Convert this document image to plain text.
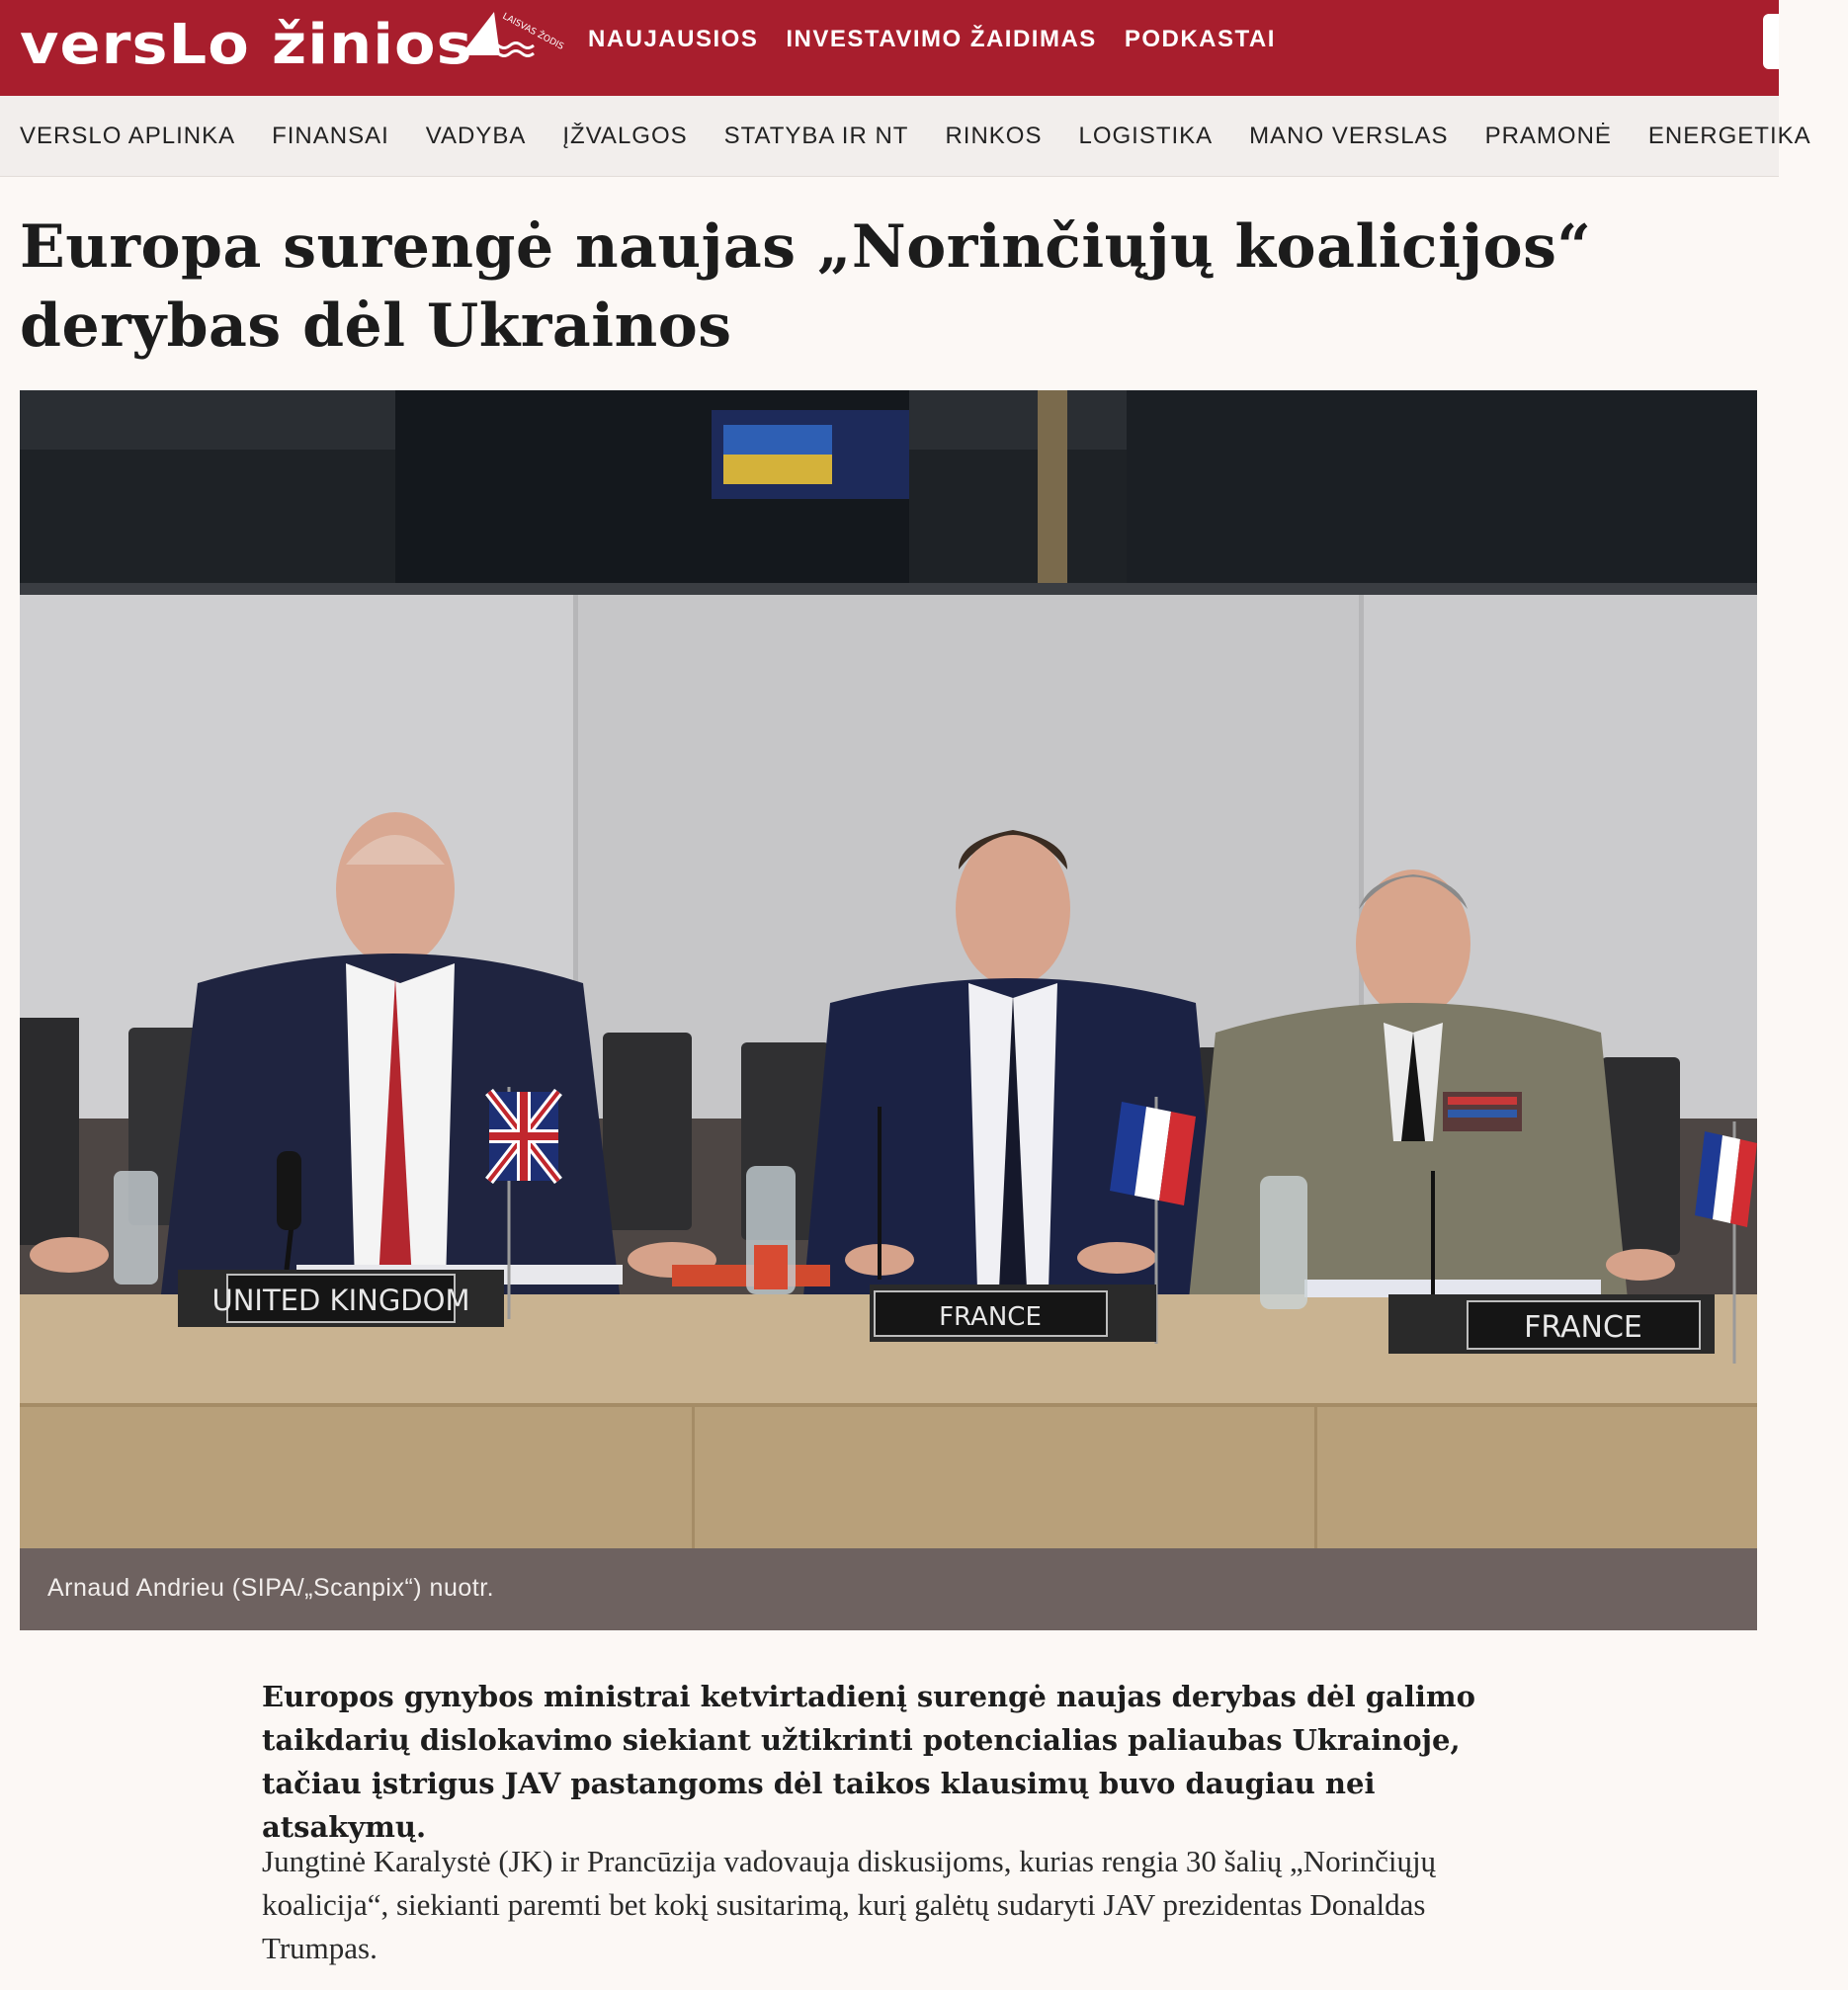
versLo žinios	LAISVAS ŽODIS NAUJAUSIOS INVESTAVIMO ŽAIDIMAS PODKASTAI
VERSLO APLINKA FINANSAI VADYBA ĮŽVALGOS STATYBA IR NT RINKOS LOGISTIKA MANO VERSLAS PRAMONĖ ENERGETIKA
Europa surengė naujas „Norinčiųjų koalicijos“ derybas dėl Ukrainos
UNITED KINGDOM	FRANCE	FRANCE
Arnaud Andrieu (SIPA/„Scanpix“) nuotr.

Europos gynybos ministrai ketvirtadienį surengė naujas derybas dėl galimo taikdarių dislokavimo siekiant užtikrinti potencialias paliaubas Ukrainoje, tačiau įstrigus JAV pastangoms dėl taikos klausimų buvo daugiau nei atsakymų.

Jungtinė Karalystė (JK) ir Prancūzija vadovauja diskusijoms, kurias rengia 30 šalių „Norinčiųjų koalicija“, siekianti paremti bet kokį susitarimą, kurį galėtų sudaryti JAV prezidentas Donaldas Trumpas.
